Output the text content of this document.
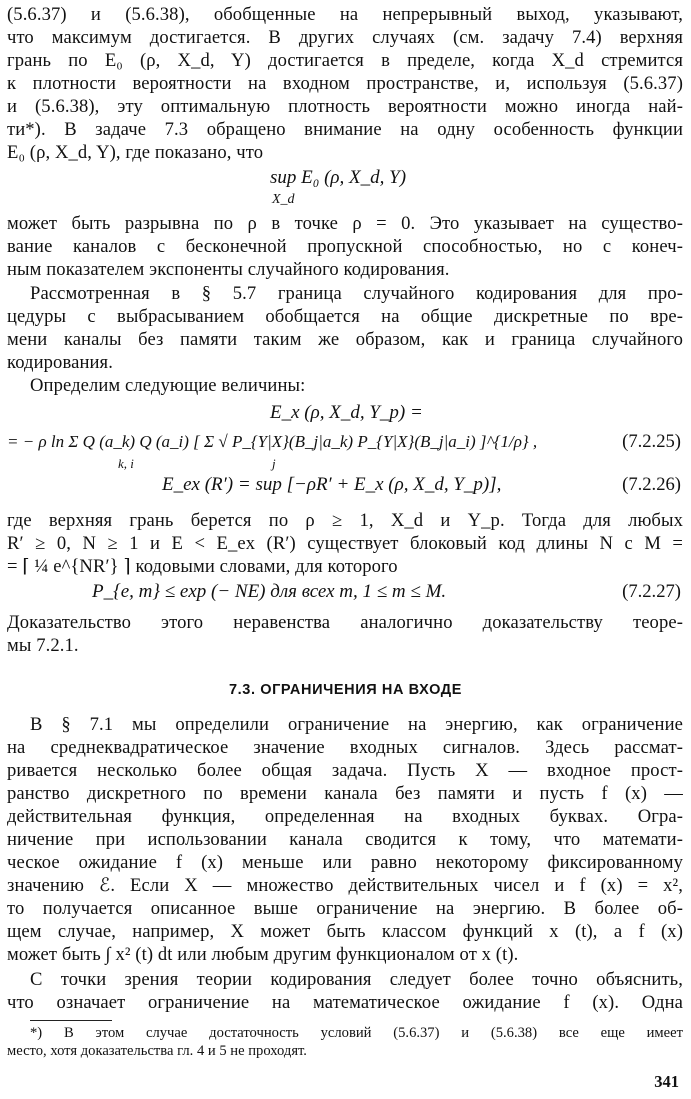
(5.6.37) и (5.6.38), обобщенные на непрерывный выход, указывают,
что максимум достигается. В других случаях (см. задачу 7.4) верхняя
грань по E₀ (ρ, X_d, Y) достигается в пределе, когда X_d стремится
к плотности вероятности на входном пространстве, и, используя (5.6.37)
и (5.6.38), эту оптимальную плотность вероятности можно иногда най-
ти*). В задаче 7.3 обращено внимание на одну особенность функции
E₀ (ρ, X_d, Y), где показано, что
sup E₀ (ρ, X_d, Y)
X_d
может быть разрывна по ρ в точке ρ = 0. Это указывает на существо-
вание каналов с бесконечной пропускной способностью, но с конеч-
ным показателем экспоненты случайного кодирования.
Рассмотренная в § 5.7 граница случайного кодирования для про-
цедуры с выбрасыванием обобщается на общие дискретные по вре-
мени каналы без памяти таким же образом, как и граница случайного
кодирования.
Определим следующие величины:
E_x (ρ, X_d, Y_p) =
= − ρ ln Σ Q (a_k) Q (a_i) [ Σ √ P_{Y|X}(B_j|a_k) P_{Y|X}(B_j|a_i) ]^{1/ρ} ,
k, i	j
(7.2.25)
E_ex (R′) = sup [−ρR′ + E_x (ρ, X_d, Y_p)],	(7.2.26)
где верхняя грань берется по ρ ≥ 1, X_d и Y_p. Тогда для любых
R′ ≥ 0, N ≥ 1 и E < E_ex (R′) существует блоковый код длины N с M =
= ⌈ ¼ e^{NR′} ⌉ кодовыми словами, для которого
P_{e, m} ≤ exp (− NE) для всех m, 1 ≤ m ≤ M.	(7.2.27)
Доказательство этого неравенства аналогично доказательству теоре-
мы 7.2.1.
7.3. ОГРАНИЧЕНИЯ НА ВХОДЕ
В § 7.1 мы определили ограничение на энергию, как ограничение
на среднеквадратическое значение входных сигналов. Здесь рассмат-
ривается несколько более общая задача. Пусть X — входное прост-
ранство дискретного по времени канала без памяти и пусть f (x) —
действительная функция, определенная на входных буквах. Огра-
ничение при использовании канала сводится к тому, что математи-
ческое ожидание f (x) меньше или равно некоторому фиксированному
значению ℰ. Если X — множество действительных чисел и f (x) = x²,
то получается описанное выше ограничение на энергию. В более об-
щем случае, например, X может быть классом функций x (t), а f (x)
может быть ∫ x² (t) dt или любым другим функционалом от x (t).
С точки зрения теории кодирования следует более точно объяснить,
что означает ограничение на математическое ожидание f (x). Одна
*) В этом случае достаточность условий (5.6.37) и (5.6.38) все еще имеет
место, хотя доказательства гл. 4 и 5 не проходят.
341
